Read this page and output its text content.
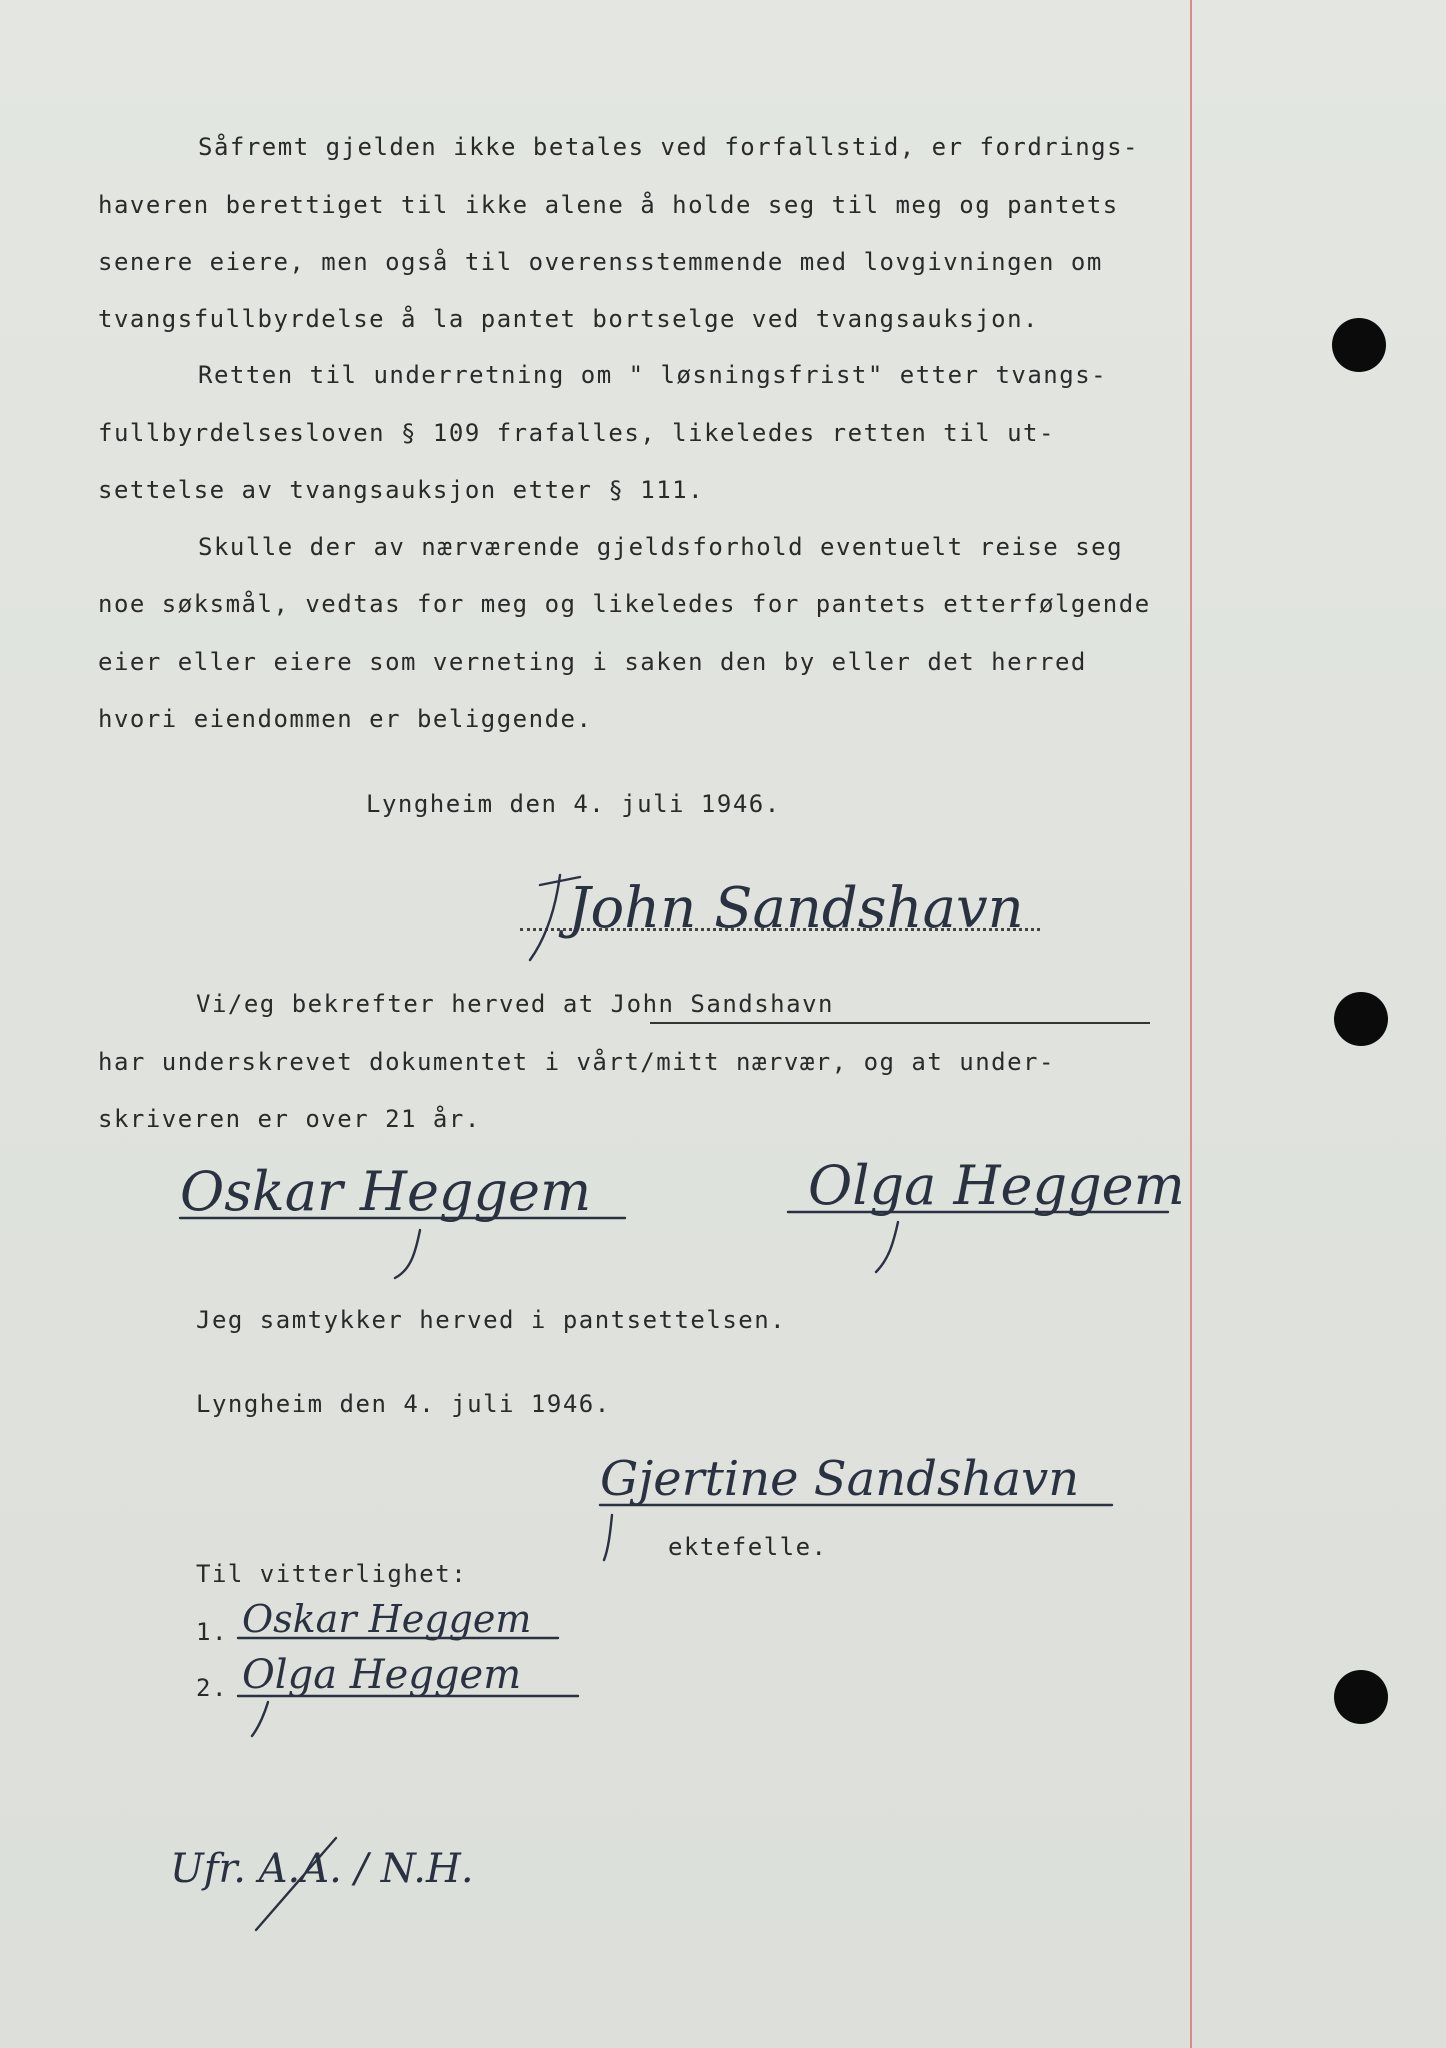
Såfremt gjelden ikke betales ved forfallstid, er fordrings-
haveren berettiget til ikke alene å holde seg til meg og pantets
senere eiere, men også til overensstemmende med lovgivningen om
tvangsfullbyrdelse å la pantet bortselge ved tvangsauksjon.
Retten til underretning om " løsningsfrist" etter tvangs-
fullbyrdelsesloven § 109 frafalles, likeledes retten til ut-
settelse av tvangsauksjon etter § 111.
Skulle der av nærværende gjeldsforhold eventuelt reise seg
noe søksmål, vedtas for meg og likeledes for pantets etterfølgende
eier eller eiere som verneting i saken den by eller det herred
hvori eiendommen er beliggende.
Lyngheim den 4. juli 1946.
John Sandshavn
Vi/eg bekrefter herved at John Sandshavn
har underskrevet dokumentet i vårt/mitt nærvær, og at under-
skriveren er over 21 år.
Oskar Heggem	Olga Heggem
Jeg samtykker herved i pantsettelsen.
Lyngheim den 4. juli 1946.
Gjertine Sandshavn
ektefelle.
Til vitterlighet:
1. Oskar Heggem
2. Olga Heggem
Ufr. A.A. / N.H.
